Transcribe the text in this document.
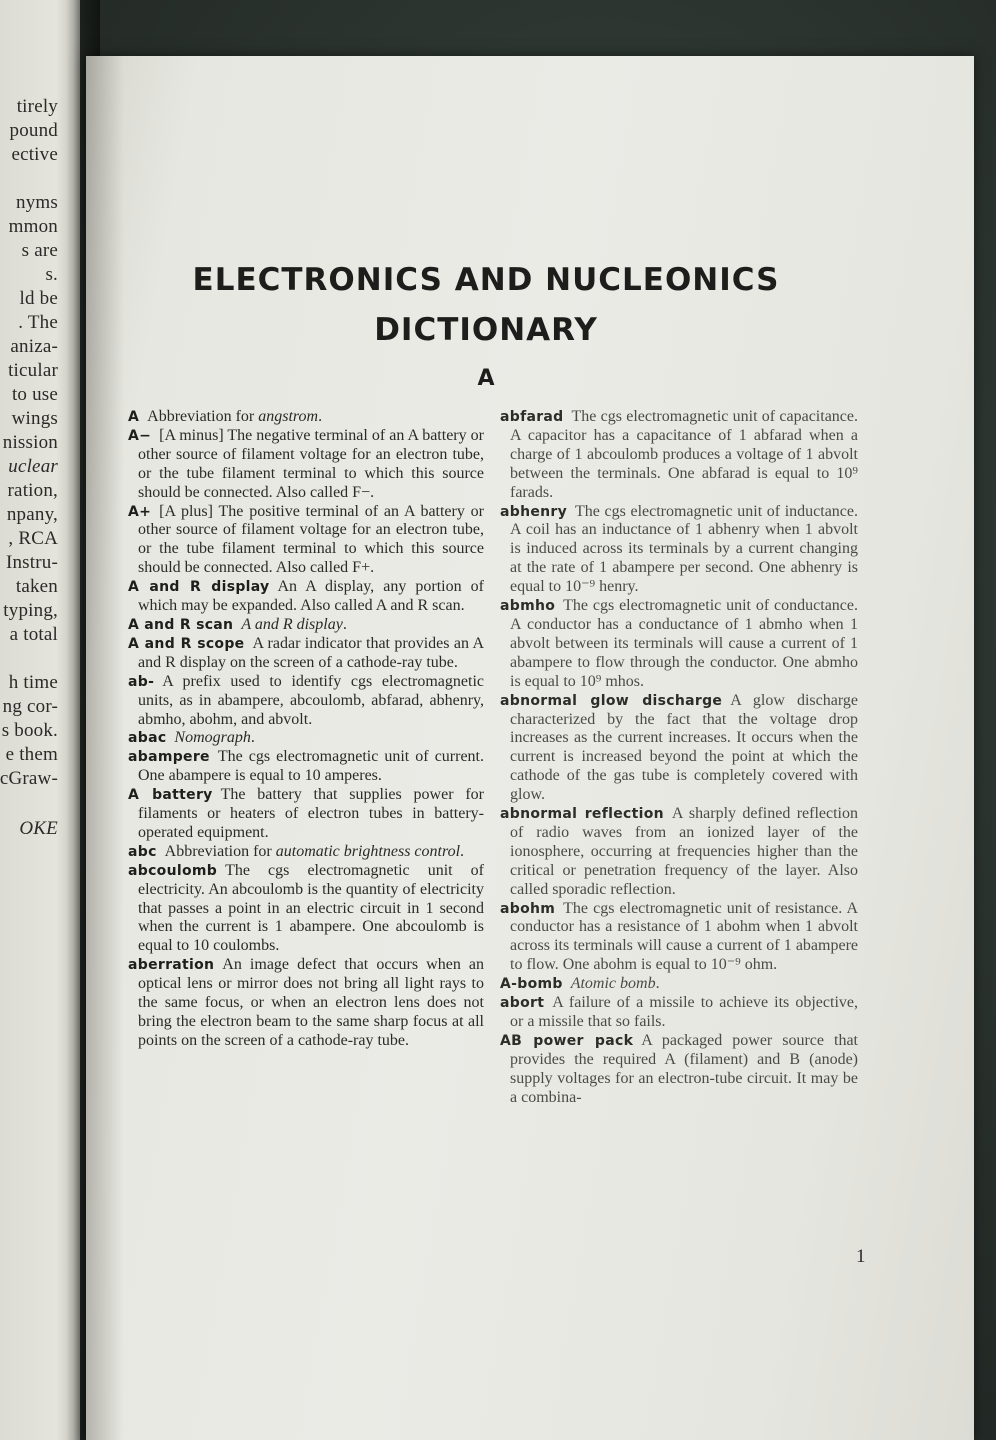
tirely
pound
ective
nyms
mmon
s are
s.
ld be
. The
aniza-
ticular
to use
wings
nission
uclear
ration,
npany,
, RCA
Instru-
taken
typing,
a total
h time
ng cor-
s book.
e them
cGraw-
OKE
ELECTRONICS AND NUCLEONICS
DICTIONARY
A

A  Abbreviation for angstrom.

A−  [A minus] The negative terminal of an A battery or other source of filament voltage for an electron tube, or the tube filament terminal to which this source should be connected. Also called F−.

A+  [A plus] The positive terminal of an A battery or other source of filament voltage for an electron tube, or the tube filament terminal to which this source should be connected. Also called F+.

A and R display  An A display, any portion of which may be expanded. Also called A and R scan.

A and R scan  A and R display.

A and R scope  A radar indicator that provides an A and R display on the screen of a cathode-ray tube.

ab-  A prefix used to identify cgs electromagnetic units, as in abampere, abcoulomb, abfarad, abhenry, abmho, abohm, and abvolt.

abac  Nomograph.

abampere  The cgs electromagnetic unit of current. One abampere is equal to 10 amperes.

A battery  The battery that supplies power for filaments or heaters of electron tubes in battery-operated equipment.

abc  Abbreviation for automatic brightness control.

abcoulomb  The cgs electromagnetic unit of electricity. An abcoulomb is the quantity of electricity that passes a point in an electric circuit in 1 second when the current is 1 abampere. One abcoulomb is equal to 10 coulombs.

aberration  An image defect that occurs when an optical lens or mirror does not bring all light rays to the same focus, or when an electron lens does not bring the electron beam to the same sharp focus at all points on the screen of a cathode-ray tube.

abfarad  The cgs electromagnetic unit of capacitance. A capacitor has a capacitance of 1 abfarad when a charge of 1 abcoulomb produces a voltage of 1 abvolt between the terminals. One abfarad is equal to 10⁹ farads.

abhenry  The cgs electromagnetic unit of inductance. A coil has an inductance of 1 abhenry when 1 abvolt is induced across its terminals by a current changing at the rate of 1 abampere per second. One abhenry is equal to 10⁻⁹ henry.

abmho  The cgs electromagnetic unit of conductance. A conductor has a conductance of 1 abmho when 1 abvolt between its terminals will cause a current of 1 abampere to flow through the conductor. One abmho is equal to 10⁹ mhos.

abnormal glow discharge  A glow discharge characterized by the fact that the voltage drop increases as the current increases. It occurs when the current is increased beyond the point at which the cathode of the gas tube is completely covered with glow.

abnormal reflection  A sharply defined reflection of radio waves from an ionized layer of the ionosphere, occurring at frequencies higher than the critical or penetration frequency of the layer. Also called sporadic reflection.

abohm  The cgs electromagnetic unit of resistance. A conductor has a resistance of 1 abohm when 1 abvolt across its terminals will cause a current of 1 abampere to flow. One abohm is equal to 10⁻⁹ ohm.

A-bomb  Atomic bomb.

abort  A failure of a missile to achieve its objective, or a missile that so fails.

AB power pack  A packaged power source that provides the required A (filament) and B (anode) supply voltages for an electron-tube circuit. It may be a combina-

1
